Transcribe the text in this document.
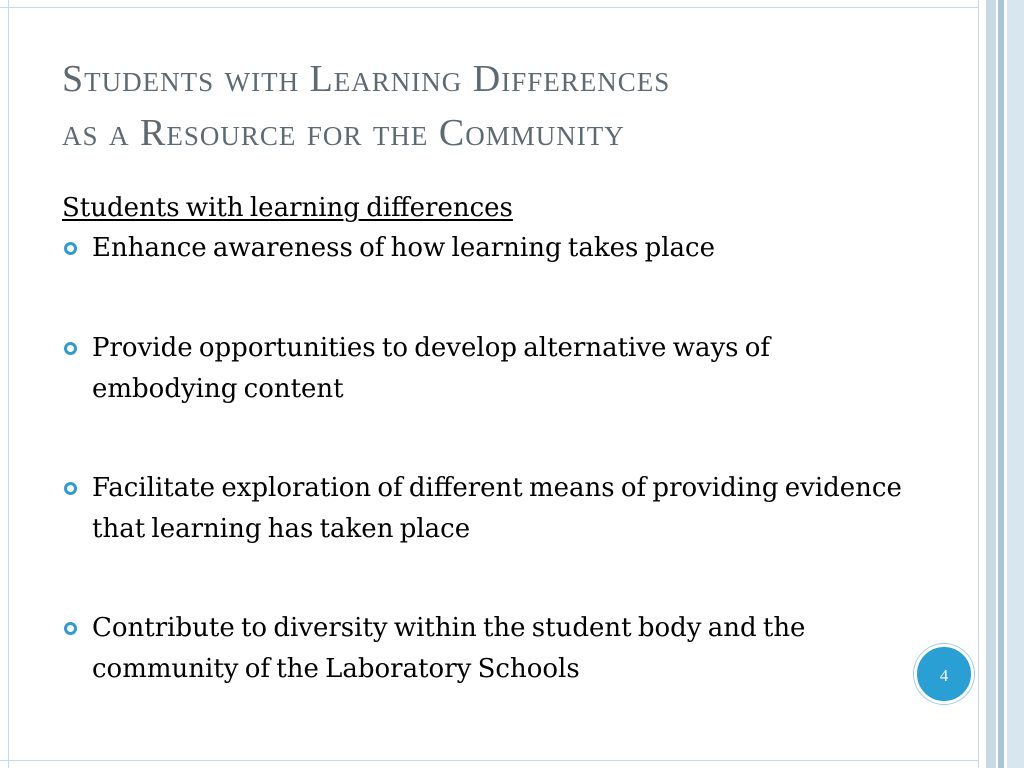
Students with Learning Differences
as a Resource for the Community
Students with learning differences
Enhance awareness of how learning takes place
Provide opportunities to develop alternative ways of embodying content
Facilitate exploration of different means of providing evidence that learning has taken place
Contribute to diversity within the student body and the community of the Laboratory Schools	4
